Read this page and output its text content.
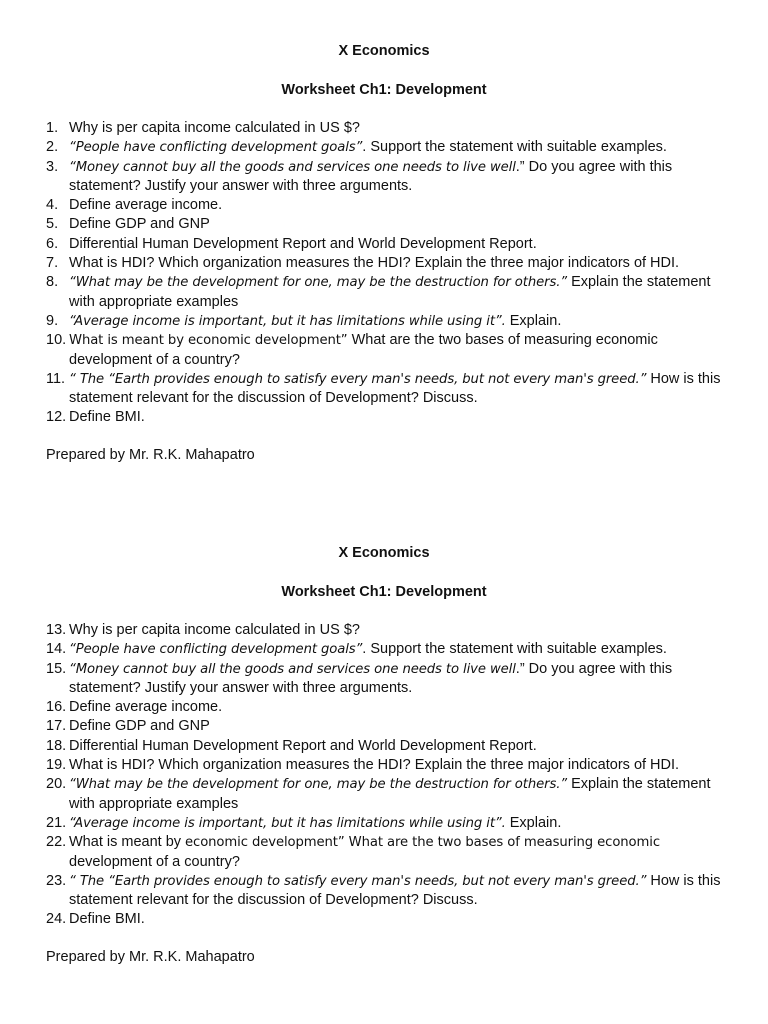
X Economics

Worksheet Ch1: Development

1. Why is per capita income calculated in US $?
2. “People have conflicting development goals”. Support the statement with suitable examples.
3. “Money cannot buy all the goods and services one needs to live well.” Do you agree with this statement? Justify your answer with three arguments.
4. Define average income.
5. Define GDP and GNP
6. Differential Human Development Report and World Development Report.
7. What is HDI? Which organization measures the HDI? Explain the three major indicators of HDI.
8. “What may be the development for one, may be the destruction for others.” Explain the statement with appropriate examples
9. “Average income is important, but it has limitations while using it”. Explain.
10. What is meant by economic development” What are the two bases of measuring economic development of a country?
11. “ The “Earth provides enough to satisfy every man's needs, but not every man's greed.” How is this statement relevant for the discussion of Development? Discuss.
12. Define BMI.

Prepared by Mr. R.K. Mahapatro

X Economics

Worksheet Ch1: Development

13. Why is per capita income calculated in US $?
14. “People have conflicting development goals”. Support the statement with suitable examples.
15. “Money cannot buy all the goods and services one needs to live well.” Do you agree with this statement? Justify your answer with three arguments.
16. Define average income.
17. Define GDP and GNP
18. Differential Human Development Report and World Development Report.
19. What is HDI? Which organization measures the HDI? Explain the three major indicators of HDI.
20. “What may be the development for one, may be the destruction for others.” Explain the statement with appropriate examples
21. “Average income is important, but it has limitations while using it”. Explain.
22. What is meant by economic development” What are the two bases of measuring economic development of a country?
23. “ The “Earth provides enough to satisfy every man's needs, but not every man's greed.” How is this statement relevant for the discussion of Development? Discuss.
24. Define BMI.

Prepared by Mr. R.K. Mahapatro
